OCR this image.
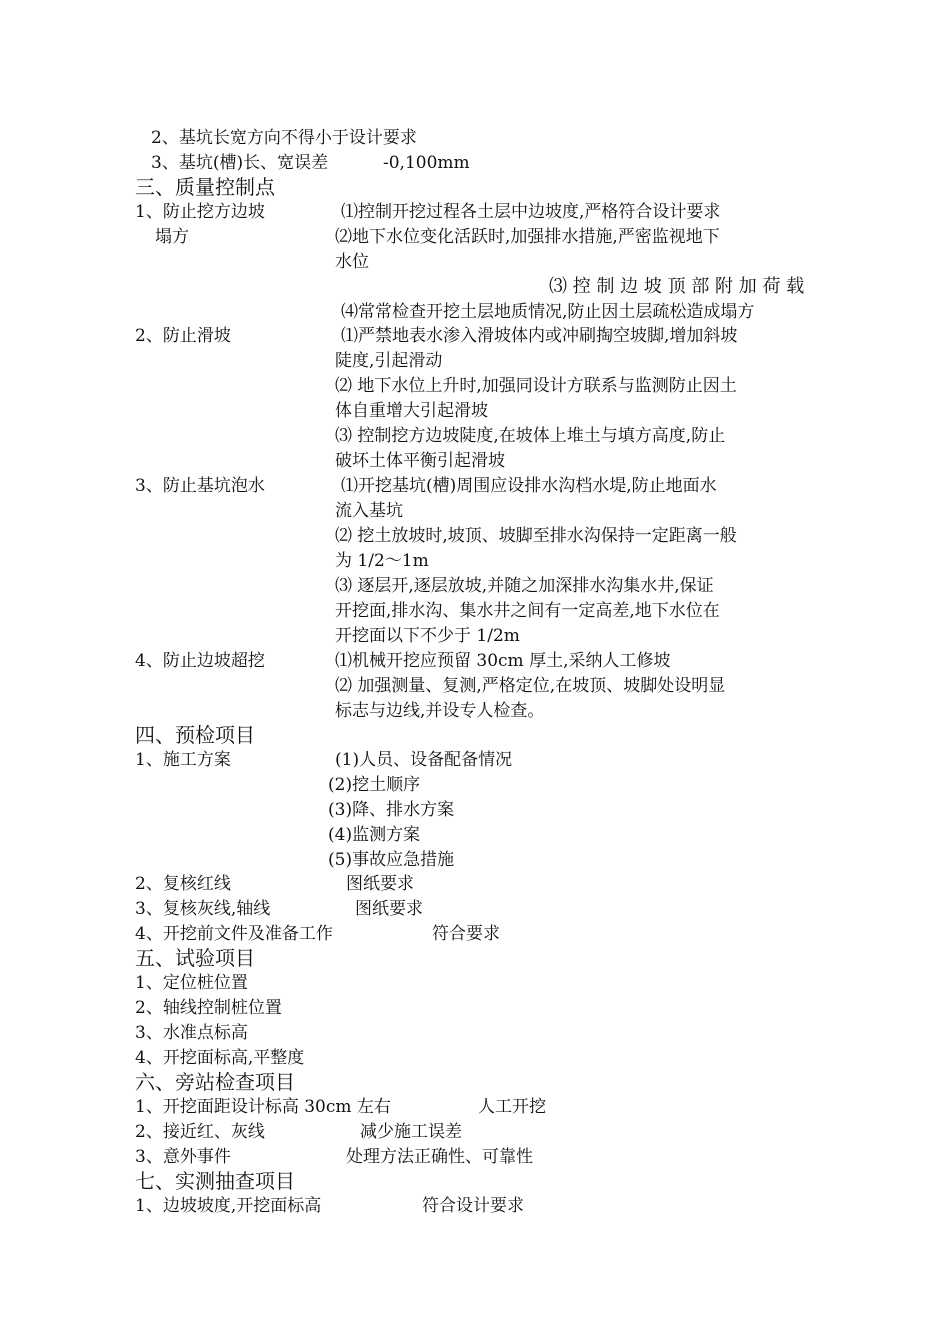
2、基坑长宽方向不得小于设计要求
3、基坑(槽)长、宽误差	-0,100mm
三、质量控制点
1、防止挖方边坡
塌方
⑴控制开挖过程各土层中边坡度,严格符合设计要求
⑵地下水位变化活跃时,加强排水措施,严密监视地下
水位
⑶ 控 制 边 坡 顶 部 附 加 荷 载
⑷常常检查开挖土层地质情况,防止因土层疏松造成塌方
2、防止滑坡	⑴严禁地表水渗入滑坡体内或冲刷掏空坡脚,增加斜坡
陡度,引起滑动
⑵ 地下水位上升时,加强同设计方联系与监测防止因土
体自重增大引起滑坡
⑶ 控制挖方边坡陡度,在坡体上堆土与填方高度,防止
破坏土体平衡引起滑坡
3、防止基坑泡水	⑴开挖基坑(槽)周围应设排水沟档水堤,防止地面水
流入基坑
⑵ 挖土放坡时,坡顶、坡脚至排水沟保持一定距离一般
为 1/2～1m
⑶ 逐层开,逐层放坡,并随之加深排水沟集水井,保证
开挖面,排水沟、集水井之间有一定高差,地下水位在
开挖面以下不少于 1/2m
4、防止边坡超挖	⑴机械开挖应预留 30cm 厚土,采纳人工修坡
⑵ 加强测量、复测,严格定位,在坡顶、坡脚处设明显
标志与边线,并设专人检查。
四、预检项目
1、施工方案	(1)人员、设备配备情况
(2)挖土顺序
(3)降、排水方案
(4)监测方案
(5)事故应急措施
2、复核红线	图纸要求
3、复核灰线,轴线	图纸要求
4、开挖前文件及准备工作	符合要求
五、试验项目
1、定位桩位置
2、轴线控制桩位置
3、水准点标高
4、开挖面标高,平整度
六、旁站检查项目
1、开挖面距设计标高 30cm 左右	人工开挖
2、接近红、灰线	减少施工误差
3、意外事件	处理方法正确性、可靠性
七、实测抽查项目
1、边坡坡度,开挖面标高	符合设计要求
